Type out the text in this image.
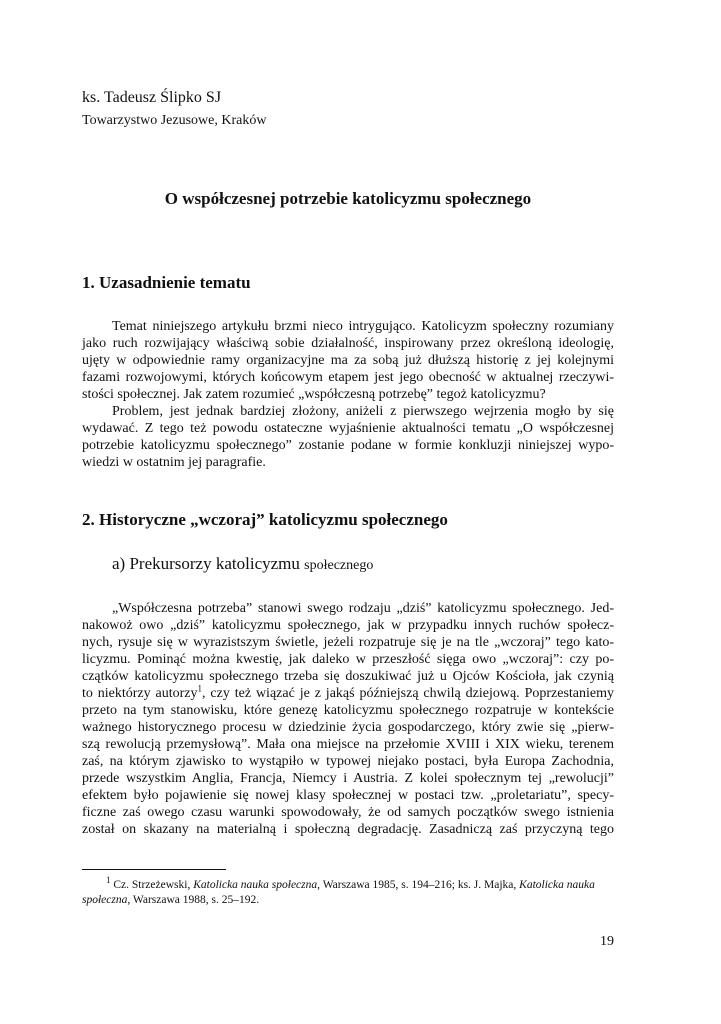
ks. Tadeusz Ślipko SJ
Towarzystwo Jezusowe, Kraków
O współczesnej potrzebie katolicyzmu społecznego
1. Uzasadnienie tematu

Temat niniejszego artykułu brzmi nieco intrygująco. Katolicyzm społeczny rozumiany
jako ruch rozwijający właściwą sobie działalność, inspirowany przez określoną ideologię,
ujęty w odpowiednie ramy organizacyjne ma za sobą już dłuższą historię z jej kolejnymi
fazami rozwojowymi, których końcowym etapem jest jego obecność w aktualnej rzeczywi-
stości społecznej. Jak zatem rozumieć „współczesną potrzebę” tegoż katolicyzmu?

Problem, jest jednak bardziej złożony, aniżeli z pierwszego wejrzenia mogło by się
wydawać. Z tego też powodu ostateczne wyjaśnienie aktualności tematu „O współczesnej
potrzebie katolicyzmu społecznego” zostanie podane w formie konkluzji niniejszej wypo-
wiedzi w ostatnim jej paragrafie.

2. Historyczne „wczoraj” katolicyzmu społecznego
a) Prekursorzy katolicyzmu społecznego

„Współczesna potrzeba” stanowi swego rodzaju „dziś” katolicyzmu społecznego. Jed-
nakowoż owo „dziś” katolicyzmu społecznego, jak w przypadku innych ruchów społecz-
nych, rysuje się w wyrazistszym świetle, jeżeli rozpatruje się je na tle „wczoraj” tego kato-
licyzmu. Pominąć można kwestię, jak daleko w przeszłość sięga owo „wczoraj”: czy po-
czątków katolicyzmu społecznego trzeba się doszukiwać już u Ojców Kościoła, jak czynią
to niektórzy autorzy$^1$, czy też wiązać je z jakąś późniejszą chwilą dziejową. Poprzestaniemy
przeto na tym stanowisku, które genezę katolicyzmu społecznego rozpatruje w kontekście
ważnego historycznego procesu w dziedzinie życia gospodarczego, który zwie się „pierw-
szą rewolucją przemysłową”. Mała ona miejsce na przełomie XVIII i XIX wieku, terenem
zaś, na którym zjawisko to wystąpiło w typowej niejako postaci, była Europa Zachodnia,
przede wszystkim Anglia, Francja, Niemcy i Austria. Z kolei społecznym tej „rewolucji”
efektem było pojawienie się nowej klasy społecznej w postaci tzw. „proletariatu”, specy-
ficzne zaś owego czasu warunki spowodowały, że od samych początków swego istnienia
został on skazany na materialną i społeczną degradację. Zasadniczą zaś przyczyną tego

$^1$ Cz. Strzeżewski, Katolicka nauka społeczna, Warszawa 1985, s. 194–216; ks. J. Majka, Katolicka nauka
społeczna, Warszawa 1988, s. 25–192.
19
